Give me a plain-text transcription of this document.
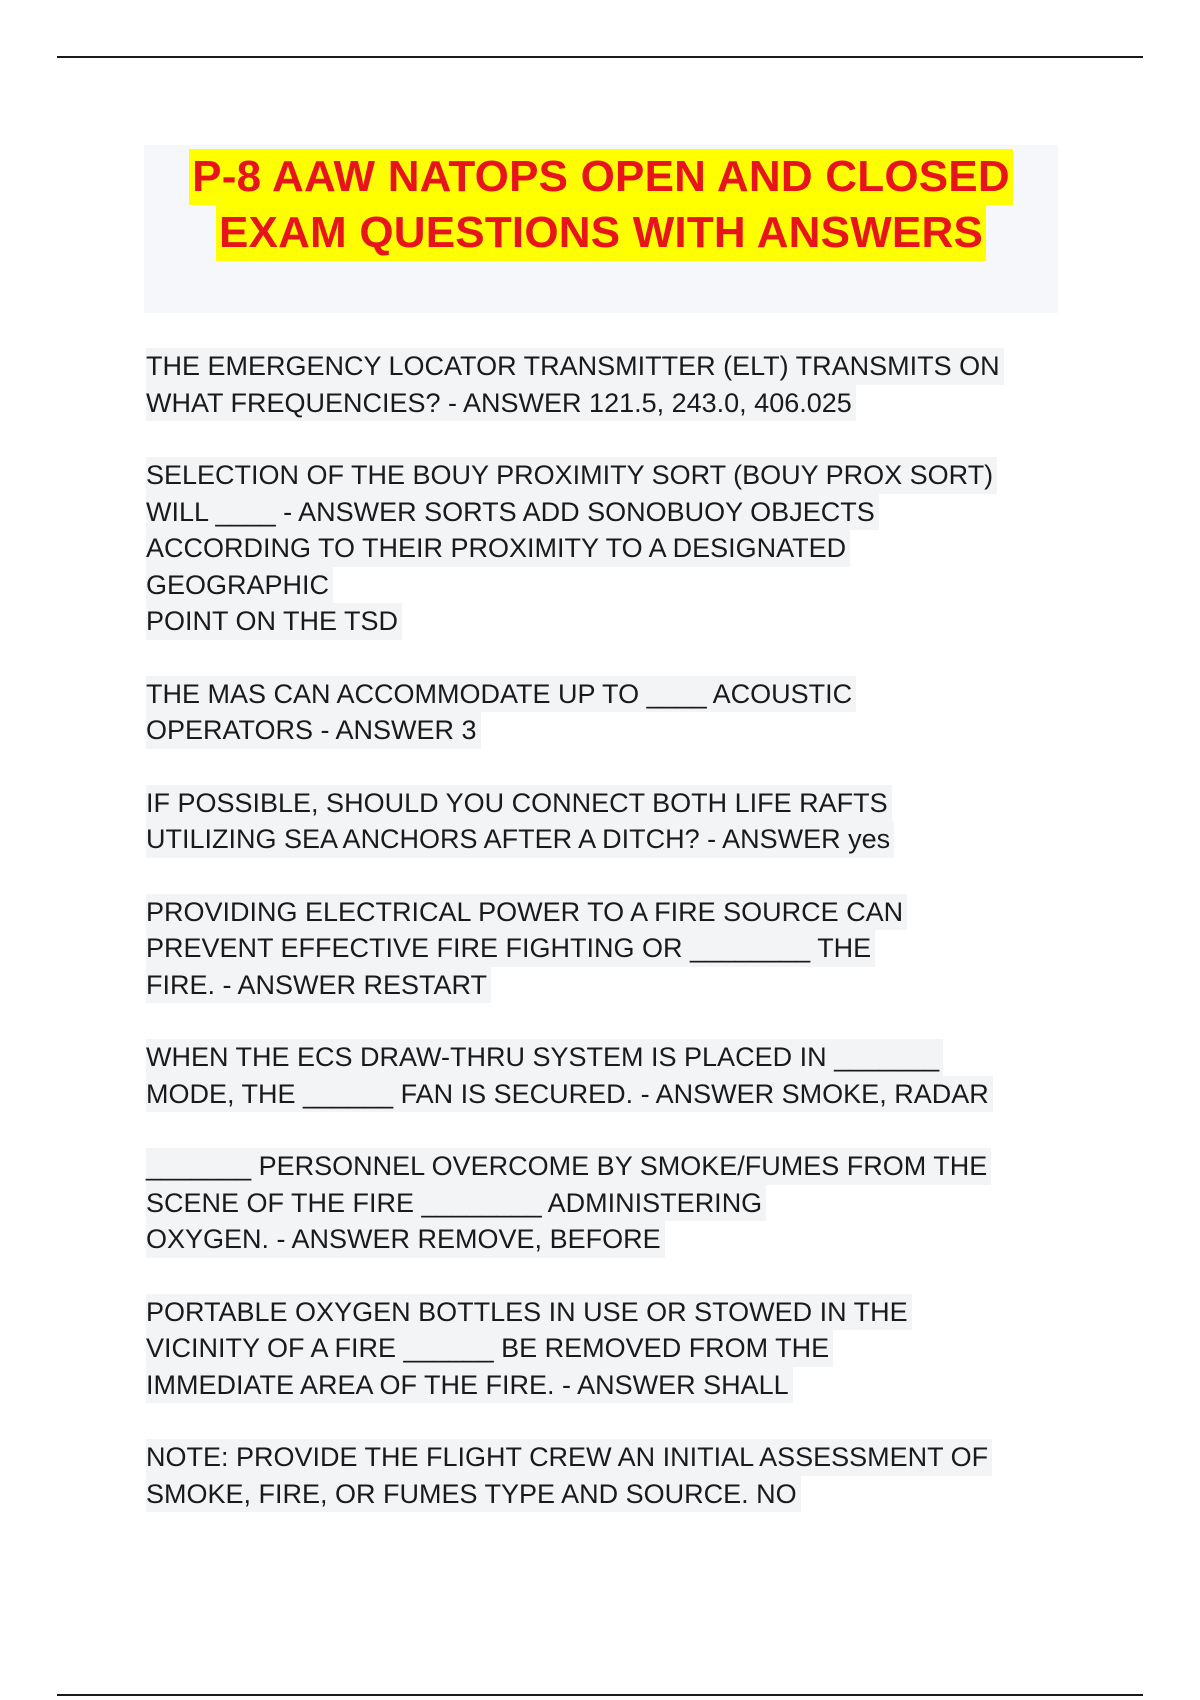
P-8 AAW NATOPS OPEN AND CLOSED
EXAM QUESTIONS WITH ANSWERS
THE EMERGENCY LOCATOR TRANSMITTER (ELT) TRANSMITS ON
WHAT FREQUENCIES? - ANSWER 121.5, 243.0, 406.025
SELECTION OF THE BOUY PROXIMITY SORT (BOUY PROX SORT)
WILL ____ - ANSWER SORTS ADD SONOBUOY OBJECTS
ACCORDING TO THEIR PROXIMITY TO A DESIGNATED
GEOGRAPHIC
POINT ON THE TSD
THE MAS CAN ACCOMMODATE UP TO ____ ACOUSTIC
OPERATORS - ANSWER 3
IF POSSIBLE, SHOULD YOU CONNECT BOTH LIFE RAFTS
UTILIZING SEA ANCHORS AFTER A DITCH? - ANSWER yes
PROVIDING ELECTRICAL POWER TO A FIRE SOURCE CAN
PREVENT EFFECTIVE FIRE FIGHTING OR ________ THE
FIRE. - ANSWER RESTART
WHEN THE ECS DRAW-THRU SYSTEM IS PLACED IN _______
MODE, THE ______ FAN IS SECURED. - ANSWER SMOKE, RADAR
_______ PERSONNEL OVERCOME BY SMOKE/FUMES FROM THE
SCENE OF THE FIRE ________ ADMINISTERING
OXYGEN. - ANSWER REMOVE, BEFORE
PORTABLE OXYGEN BOTTLES IN USE OR STOWED IN THE
VICINITY OF A FIRE ______ BE REMOVED FROM THE
IMMEDIATE AREA OF THE FIRE. - ANSWER SHALL
NOTE: PROVIDE THE FLIGHT CREW AN INITIAL ASSESSMENT OF
SMOKE, FIRE, OR FUMES TYPE AND SOURCE. NO
